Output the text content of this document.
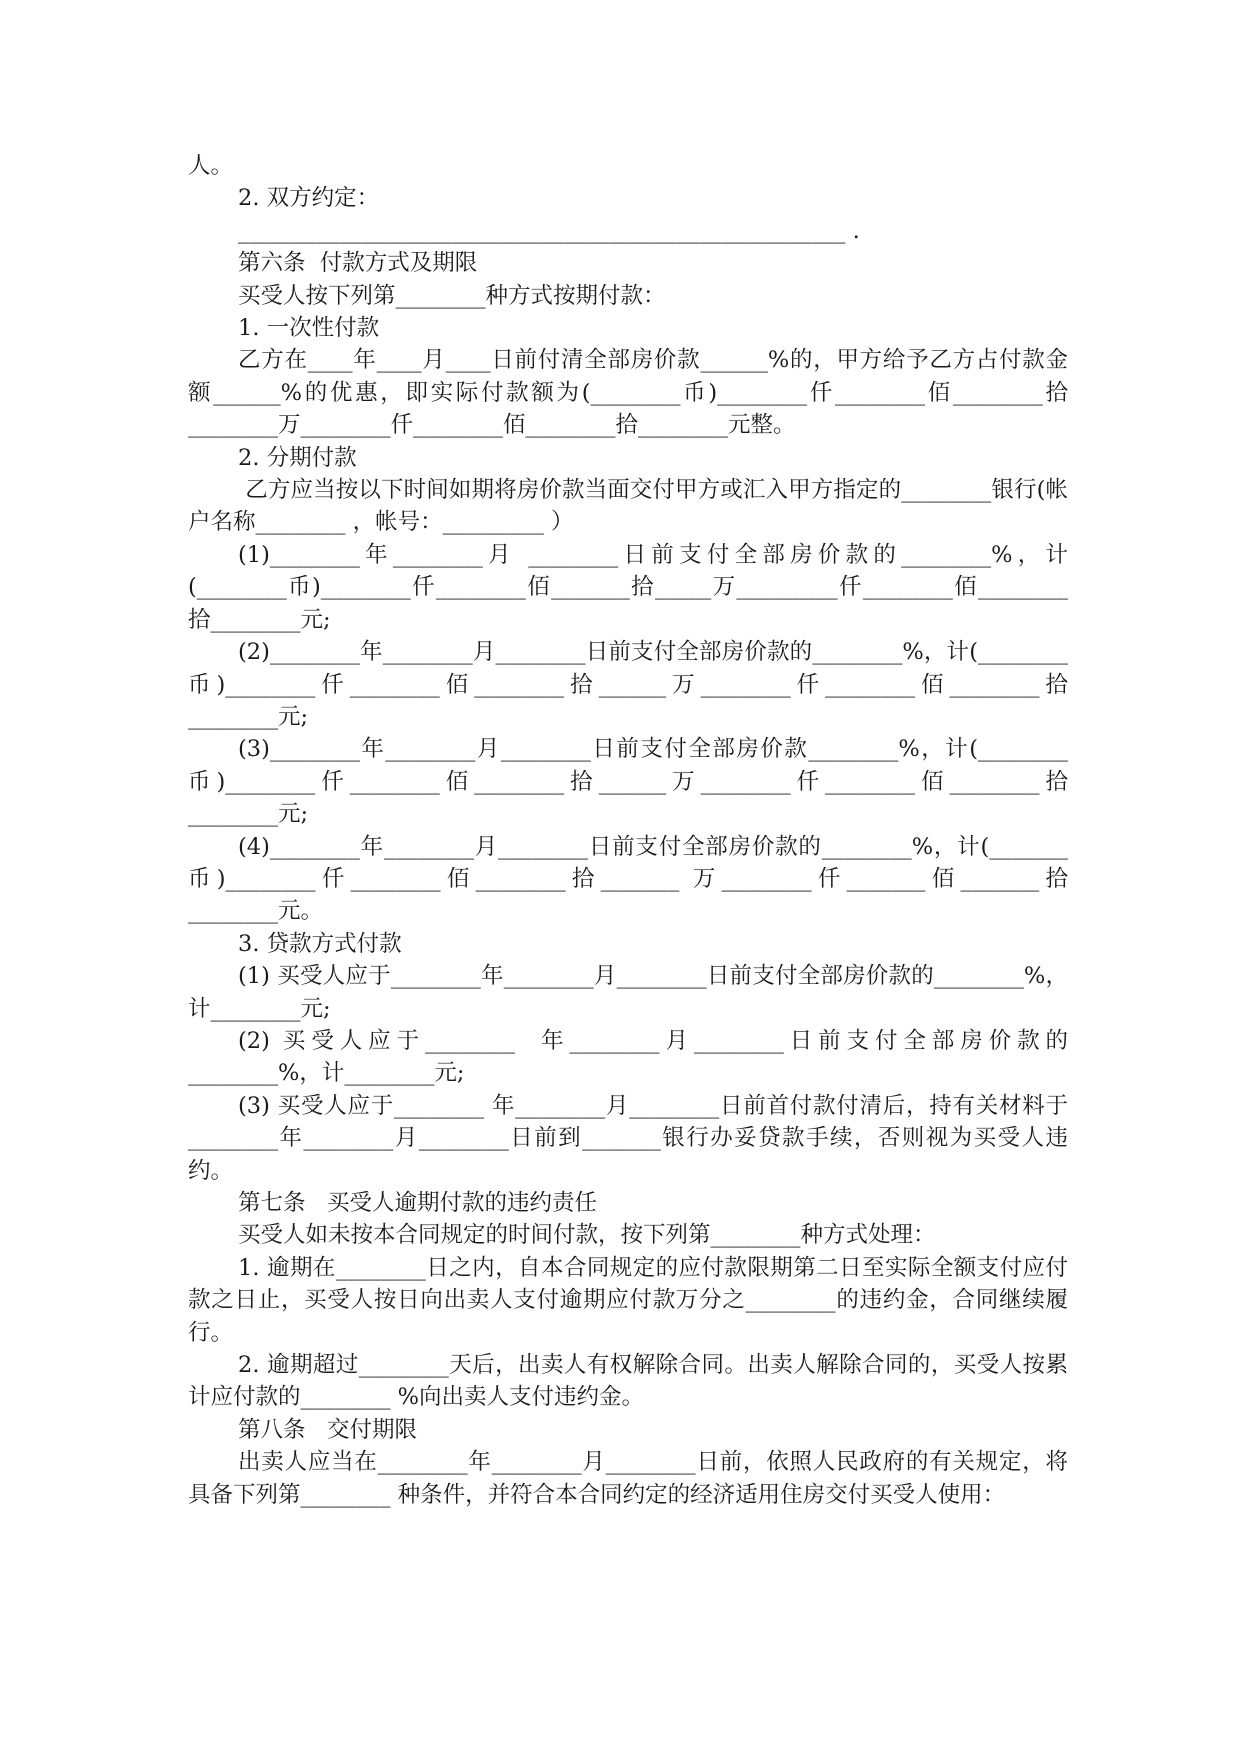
人。

2. 双方约定：

______________________________________________________ .

第六条  付款方式及期限

买受人按下列第________种方式按期付款：

1. 一次性付款

乙方在____年____月____日前付清全部房价款______%的，甲方给予乙方占付款金额______%的优惠，即实际付款额为(________币)________仟________佰________拾________万________仟________佰________拾________元整。

2. 分期付款

乙方应当按以下时间如期将房价款当面交付甲方或汇入甲方指定的________银行(帐户名称________ ，帐号：_________ ）

(1)________年________月 ________日前支付全部房价款的________%，计(________币)________仟________佰_______拾_____万_________仟________佰________拾________元;

(2)________年________月________日前支付全部房价款的________%，计(________币)________仟________佰________拾______万________仟________佰________拾________元;

(3)________年________月________日前支付全部房价款________%，计(________币)________仟________佰________拾______万________仟________佰________拾________元;

(4)________年________月________日前支付全部房价款的________%，计(_______币)________仟________佰________拾_______ 万________仟_______佰_______拾________元。

3. 贷款方式付款

(1) 买受人应于________年________月________日前支付全部房价款的________%，计________元;

(2) 买受人应于________  年________月________日前支付全部房价款的________%，计________元;

(3) 买受人应于________ 年________月________日前首付款付清后，持有关材料于________年________月________日前到_______银行办妥贷款手续，否则视为买受人违约。

第七条   买受人逾期付款的违约责任

买受人如未按本合同规定的时间付款，按下列第________种方式处理：

1. 逾期在________日之内，自本合同规定的应付款限期第二日至实际全额支付应付款之日止，买受人按日向出卖人支付逾期应付款万分之________的违约金，合同继续履行。

2. 逾期超过________天后，出卖人有权解除合同。出卖人解除合同的，买受人按累计应付款的________ %向出卖人支付违约金。

第八条   交付期限

出卖人应当在________年________月________日前，依照人民政府的有关规定，将具备下列第________ 种条件，并符合本合同约定的经济适用住房交付买受人使用：
